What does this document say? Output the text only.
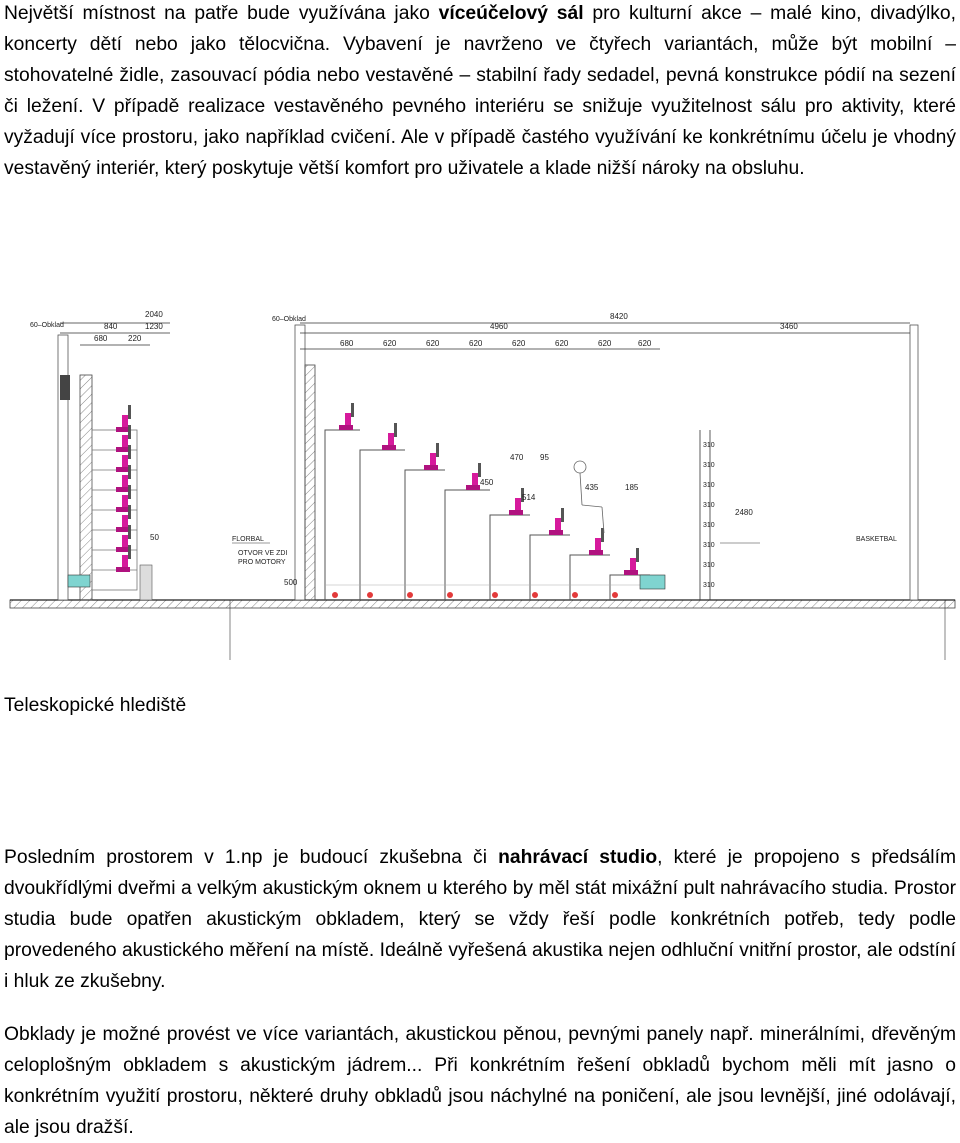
Největší místnost na patře bude využívána jako víceúčelový sál pro kulturní akce – malé kino, divadýlko, koncerty dětí nebo jako tělocvična. Vybavení je navrženo ve čtyřech variantách, může být mobilní – stohovatelné židle, zasouvací pódia nebo vestavěné – stabilní řady sedadel, pevná konstrukce pódií na sezení či ležení. V případě realizace vestavěného pevného interiéru se snižuje využitelnost sálu pro aktivity, které vyžadují více prostoru, jako například cvičení. Ale v případě častého využívání ke konkrétnímu účelu je vhodný vestavěný interiér, který poskytuje větší komfort pro uživatele a klade nižší nároky na obsluhu.

2040
840	1230
680	220
60–Obklad
60–Obklad	8420
4960	3460
680	620	620	620	620	620	620	620
470 95
450
514
435	185
2480
50
500
310
310
310
310
310
310
310
310
FLORBAL
OTVOR VE ZDI
PRO MOTORY
BASKETBAL

Teleskopické hlediště

Posledním prostorem v 1.np je budoucí zkušebna či nahrávací studio, které je propojeno s předsálím dvoukřídlými dveřmi a velkým akustickým oknem u kterého by měl stát mixážní pult nahrávacího studia. Prostor studia bude opatřen akustickým obkladem, který se vždy řeší podle konkrétních potřeb, tedy podle provedeného akustického měření na místě. Ideálně vyřešená akustika nejen odhluční vnitřní prostor, ale odstíní i hluk ze zkušebny.

Obklady je možné provést ve více variantách, akustickou pěnou, pevnými panely např. minerálními, dřevěným celoplošným obkladem s akustickým jádrem... Při konkrétním řešení obkladů bychom měli mít jasno o konkrétním využití prostoru, některé druhy obkladů jsou náchylné na poničení, ale jsou levnější, jiné odolávají, ale jsou dražší.
